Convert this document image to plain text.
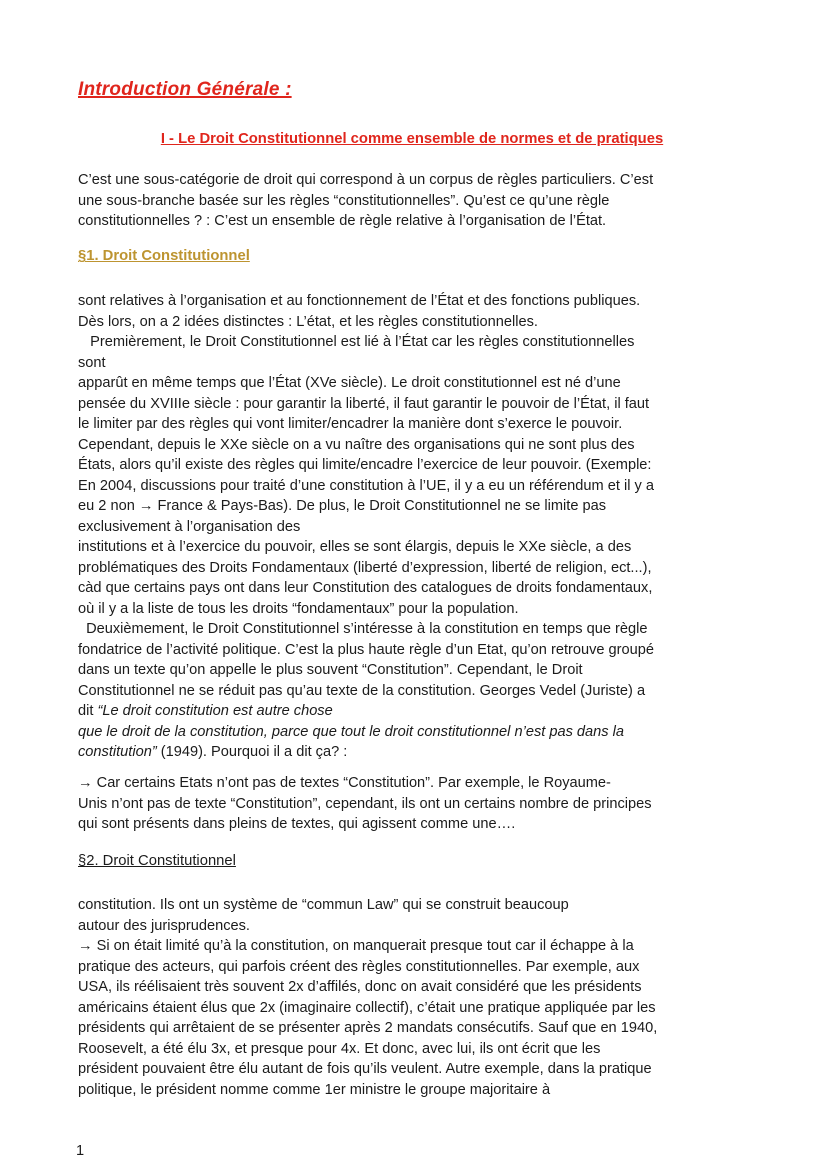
Introduction Générale :
I - Le Droit Constitutionnel comme ensemble de normes et de pratiques
C’est une sous-catégorie de droit qui correspond à un corpus de règles particuliers. C’est
une sous-branche basée sur les règles “constitutionnelles”. Qu’est ce qu’une règle
constitutionnelles ? : C’est un ensemble de règle relative à l’organisation de l’État.
§1. Droit Constitutionnel
sont relatives à l’organisation et au fonctionnement de l’État et des fonctions publiques.
Dès lors, on a 2 idées distinctes : L’état, et les règles constitutionnelles.
Premièrement, le Droit Constitutionnel est lié à l’État car les règles constitutionnelles
sont
apparût en même temps que l’État (XVe siècle). Le droit constitutionnel est né d’une
pensée du XVIIIe siècle : pour garantir la liberté, il faut garantir le pouvoir de l’État, il faut
le limiter par des règles qui vont limiter/encadrer la manière dont s’exerce le pouvoir.
Cependant, depuis le XXe siècle on a vu naître des organisations qui ne sont plus des
États, alors qu’il existe des règles qui limite/encadre l’exercice de leur pouvoir. (Exemple:
En 2004, discussions pour traité d’une constitution à l’UE, il y a eu un référendum et il y a
eu 2 non → France & Pays-Bas). De plus, le Droit Constitutionnel ne se limite pas
exclusivement à l’organisation des
institutions et à l’exercice du pouvoir, elles se sont élargis, depuis le XXe siècle, a des
problématiques des Droits Fondamentaux (liberté d’expression, liberté de religion, ect...),
càd que certains pays ont dans leur Constitution des catalogues de droits fondamentaux,
où il y a la liste de tous les droits “fondamentaux” pour la population.
Deuxièmement, le Droit Constitutionnel s’intéresse à la constitution en temps que règle
fondatrice de l’activité politique. C’est la plus haute règle d’un Etat, qu’on retrouve groupé
dans un texte qu’on appelle le plus souvent “Constitution”. Cependant, le Droit
Constitutionnel ne se réduit pas qu’au texte de la constitution. Georges Vedel (Juriste) a
dit “Le droit constitution est autre chose
que le droit de la constitution, parce que tout le droit constitutionnel n’est pas dans la
constitution” (1949). Pourquoi il a dit ça? :
→ Car certains Etats n’ont pas de textes “Constitution”. Par exemple, le Royaume-
Unis n’ont pas de texte “Constitution”, cependant, ils ont un certains nombre de principes
qui sont présents dans pleins de textes, qui agissent comme une….
§2. Droit Constitutionnel
constitution. Ils ont un système de “commun Law” qui se construit beaucoup
autour des jurisprudences.
→ Si on était limité qu’à la constitution, on manquerait presque tout car il échappe à la
pratique des acteurs, qui parfois créent des règles constitutionnelles. Par exemple, aux
USA, ils réélisaient très souvent 2x d’affilés, donc on avait considéré que les présidents
américains étaient élus que 2x (imaginaire collectif), c’était une pratique appliquée par les
présidents qui arrêtaient de se présenter après 2 mandats consécutifs. Sauf que en 1940,
Roosevelt, a été élu 3x, et presque pour 4x. Et donc, avec lui, ils ont écrit que les
président pouvaient être élu autant de fois qu’ils veulent. Autre exemple, dans la pratique
politique, le président nomme comme 1er ministre le groupe majoritaire à
1
